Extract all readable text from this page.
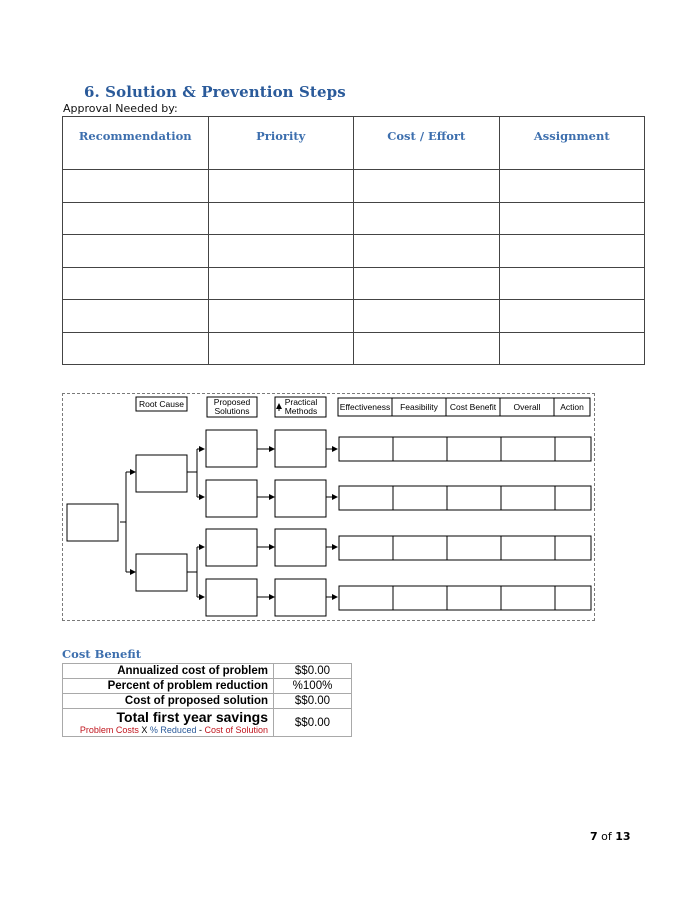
6. Solution & Prevention Steps
Approval Needed by:
Recommendation	Priority	Cost / Effort	Assignment

Root Cause	Proposed
Solutions
Practical
Methods	Effectiveness Feasibility Cost Benefit Overall Action
Cost Benefit
Annualized cost of problem	$$0.00
Percent of problem reduction	%100%
Cost of proposed solution	$$0.00

Total first year savings
Problem Costs X % Reduced - Cost of Solution	$$0.00
7 of 13
